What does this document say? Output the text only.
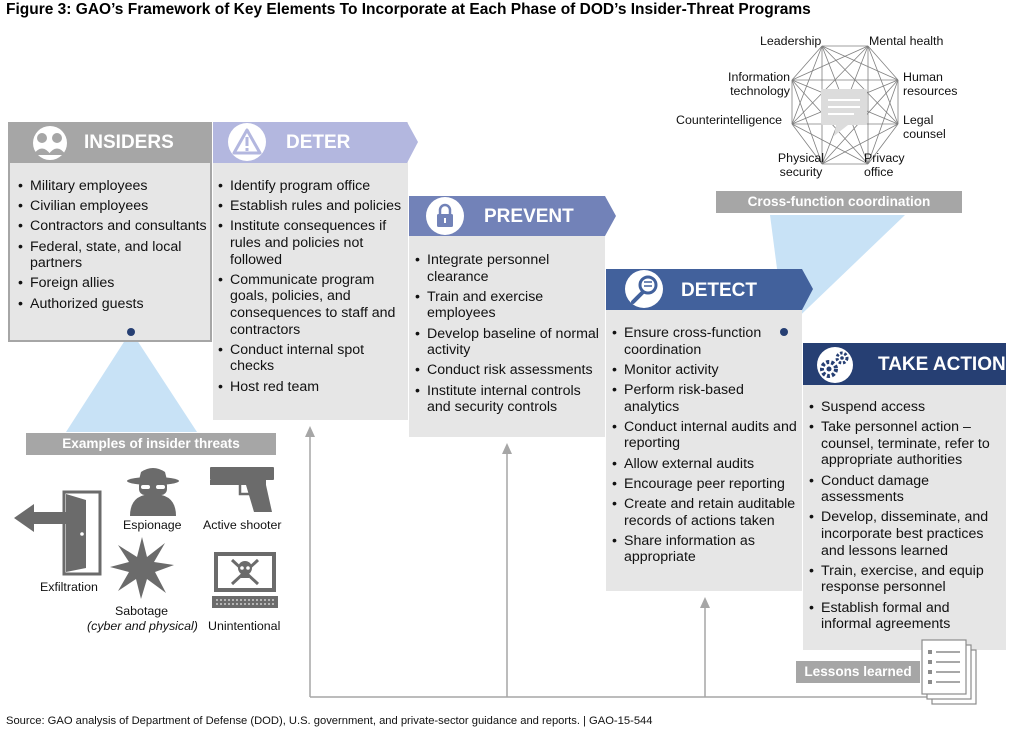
Figure 3: GAO’s Framework of Key Elements To Incorporate at Each Phase of DOD’s Insider-Threat Programs
INSIDERS
• Military employees
• Civilian employees
• Contractors and consultants
• Federal, state, and local partners
• Foreign allies
• Authorized guests
DETER
• Identify program office
• Establish rules and policies
• Institute consequences if rules and policies not followed
• Communicate program goals, policies, and consequences to staff and contractors
• Conduct internal spot checks
• Host red team
PREVENT
• Integrate personnel clearance
• Train and exercise employees
• Develop baseline of normal activity
• Conduct risk assessments
• Institute internal controls and security controls
DETECT
• Ensure cross-function coordination
• Monitor activity
• Perform risk-based analytics
• Conduct internal audits and reporting
• Allow external audits
• Encourage peer reporting
• Create and retain auditable records of actions taken
• Share information as appropriate
TAKE ACTION
• Suspend access
• Take personnel action – counsel, terminate, refer to appropriate authorities
• Conduct damage assessments
• Develop, disseminate, and incorporate best practices and lessons learned
• Train, exercise, and equip response personnel
• Establish formal and informal agreements
Examples of insider threats
Exfiltration
Espionage Active shooter
Sabotage
(cyber and physical) Unintentional
Leadership	Mental health
Information technology
Human resources
Counterintelligence	Legal counsel
Physical security
Privacy office
Cross-function coordination
Lessons learned
Source: GAO analysis of Department of Defense (DOD), U.S. government, and private-sector guidance and reports. | GAO-15-544
